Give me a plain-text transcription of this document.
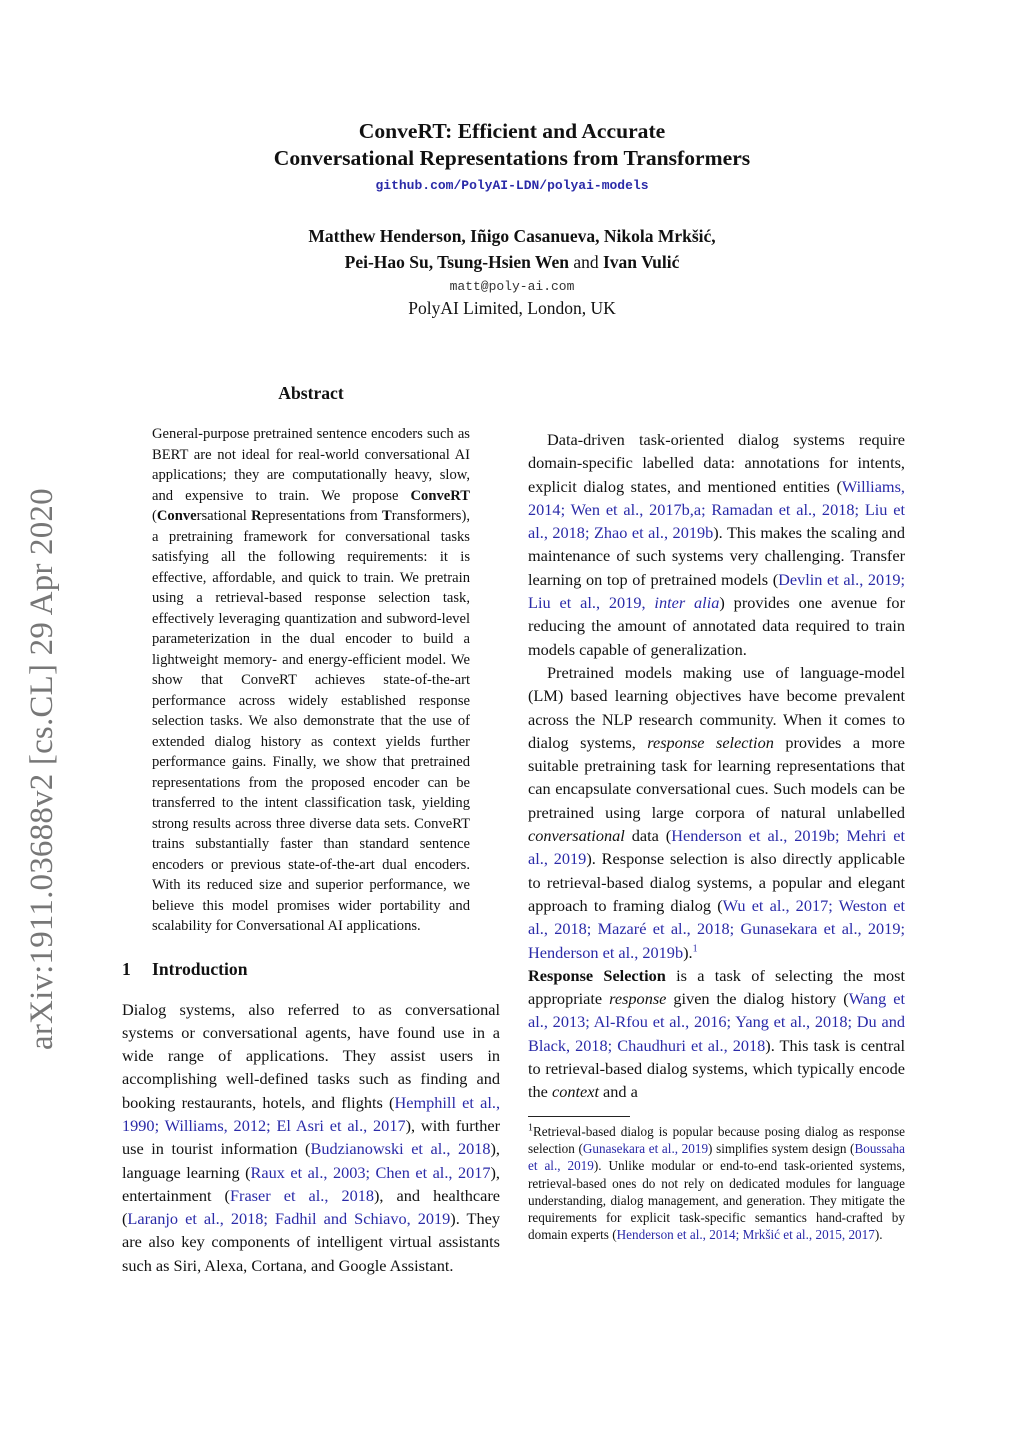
arXiv:1911.03688v2 [cs.CL] 29 Apr 2020
ConveRT: Efficient and Accurate
Conversational Representations from Transformers
github.com/PolyAI-LDN/polyai-models
Matthew Henderson, Iñigo Casanueva, Nikola Mrkšić,
Pei-Hao Su, Tsung-Hsien Wen and Ivan Vulić
matt@poly-ai.com
PolyAI Limited, London, UK
Abstract
General-purpose pretrained sentence encoders such as BERT are not ideal for real-world conversational AI applications; they are computationally heavy, slow, and expensive to train. We propose ConveRT (Conversational Representations from Transformers), a pretraining framework for conversational tasks satisfying all the following requirements: it is effective, affordable, and quick to train. We pretrain using a retrieval-based response selection task, effectively leveraging quantization and subword-level parameterization in the dual encoder to build a lightweight memory- and energy-efficient model. We show that ConveRT achieves state-of-the-art performance across widely established response selection tasks. We also demonstrate that the use of extended dialog history as context yields further performance gains. Finally, we show that pretrained representations from the proposed encoder can be transferred to the intent classification task, yielding strong results across three diverse data sets. ConveRT trains substantially faster than standard sentence encoders or previous state-of-the-art dual encoders. With its reduced size and superior performance, we believe this model promises wider portability and scalability for Conversational AI applications.
1 Introduction

Dialog systems, also referred to as conversational systems or conversational agents, have found use in a wide range of applications. They assist users in accomplishing well-defined tasks such as finding and booking restaurants, hotels, and flights (Hemphill et al., 1990; Williams, 2012; El Asri et al., 2017), with further use in tourist information (Budzianowski et al., 2018), language learning (Raux et al., 2003; Chen et al., 2017), entertainment (Fraser et al., 2018), and healthcare (Laranjo et al., 2018; Fadhil and Schiavo, 2019). They are also key components of intelligent virtual assistants such as Siri, Alexa, Cortana, and Google Assistant.

Data-driven task-oriented dialog systems require domain-specific labelled data: annotations for intents, explicit dialog states, and mentioned entities (Williams, 2014; Wen et al., 2017b,a; Ramadan et al., 2018; Liu et al., 2018; Zhao et al., 2019b). This makes the scaling and maintenance of such systems very challenging. Transfer learning on top of pretrained models (Devlin et al., 2019; Liu et al., 2019, inter alia) provides one avenue for reducing the amount of annotated data required to train models capable of generalization.

Pretrained models making use of language-model (LM) based learning objectives have become prevalent across the NLP research community. When it comes to dialog systems, response selection provides a more suitable pretraining task for learning representations that can encapsulate conversational cues. Such models can be pretrained using large corpora of natural unlabelled conversational data (Henderson et al., 2019b; Mehri et al., 2019). Response selection is also directly applicable to retrieval-based dialog systems, a popular and elegant approach to framing dialog (Wu et al., 2017; Weston et al., 2018; Mazaré et al., 2018; Gunasekara et al., 2019; Henderson et al., 2019b).$^1$

Response Selection is a task of selecting the most appropriate response given the dialog history (Wang et al., 2013; Al-Rfou et al., 2016; Yang et al., 2018; Du and Black, 2018; Chaudhuri et al., 2018). This task is central to retrieval-based dialog systems, which typically encode the context and a

$^1$Retrieval-based dialog is popular because posing dialog as response selection (Gunasekara et al., 2019) simplifies system design (Boussaha et al., 2019). Unlike modular or end-to-end task-oriented systems, retrieval-based ones do not rely on dedicated modules for language understanding, dialog management, and generation. They mitigate the requirements for explicit task-specific semantics hand-crafted by domain experts (Henderson et al., 2014; Mrkšić et al., 2015, 2017).
